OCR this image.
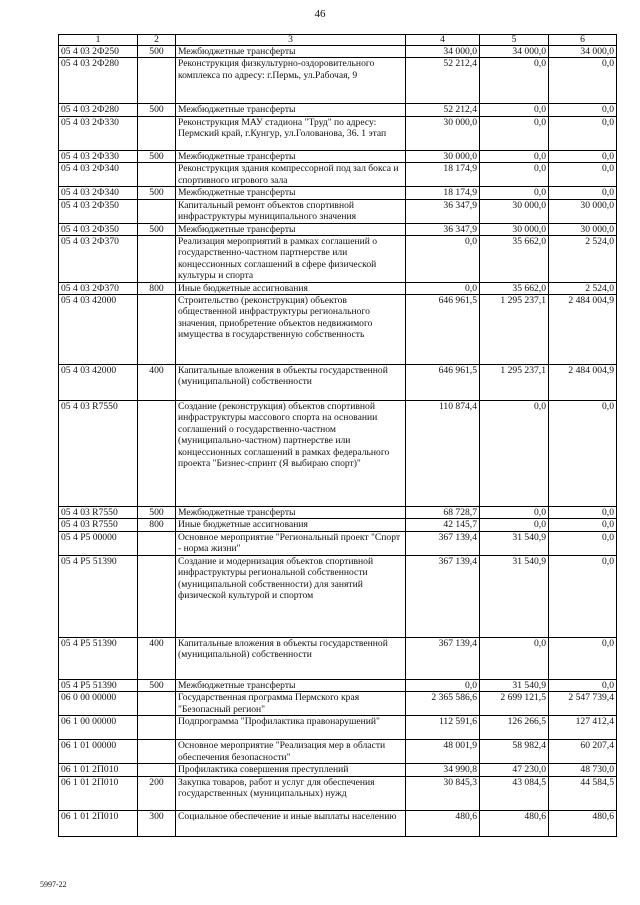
46
1	2	3	4	5	6
05 4 03 2Ф250	500	Межбюджетные трансферты	34 000,0	34 000,0	34 000,0
05 4 03 2Ф280		Реконструкция физкультурно-оздоровительного комплекса по адресу: г.Пермь, ул.Рабочая, 9	52 212,4	0,0	0,0
05 4 03 2Ф280	500	Межбюджетные трансферты	52 212,4	0,0	0,0
05 4 03 2Ф330		Реконструкция МАУ стадиона "Труд" по адресу: Пермский край, г.Кунгур, ул.Голованова, 36. 1 этап	30 000,0	0,0	0,0
05 4 03 2Ф330	500	Межбюджетные трансферты	30 000,0	0,0	0,0
05 4 03 2Ф340		Реконструкция здания компрессорной под зал бокса и спортивного игрового зала	18 174,9	0,0	0,0
05 4 03 2Ф340	500	Межбюджетные трансферты	18 174,9	0,0	0,0
05 4 03 2Ф350		Капитальный ремонт объектов спортивной инфраструктуры муниципального значения	36 347,9	30 000,0	30 000,0
05 4 03 2Ф350	500	Межбюджетные трансферты	36 347,9	30 000,0	30 000,0
05 4 03 2Ф370		Реализация мероприятий в рамках соглашений о государственно-частном партнерстве или концессионных соглашений в сфере физической культуры и спорта	0,0	35 662,0	2 524,0
05 4 03 2Ф370	800	Иные бюджетные ассигнования	0,0	35 662,0	2 524,0
05 4 03 42000		Строительство (реконструкция) объектов общественной инфраструктуры регионального значения, приобретение объектов недвижимого имущества в государственную собственность	646 961,5	1 295 237,1	2 484 004,9
05 4 03 42000	400	Капитальные вложения в объекты государственной (муниципальной) собственности	646 961,5	1 295 237,1	2 484 004,9
05 4 03 R7550		Создание (реконструкция) объектов спортивной инфраструктуры массового спорта на основании соглашений о государственно-частном (муниципально-частном) партнерстве или концессионных соглашений в рамках федерального проекта "Бизнес-спринт (Я выбираю спорт)"	110 874,4	0,0	0,0
05 4 03 R7550	500	Межбюджетные трансферты	68 728,7	0,0	0,0
05 4 03 R7550	800	Иные бюджетные ассигнования	42 145,7	0,0	0,0
05 4 P5 00000		Основное мероприятие "Региональный проект "Спорт - норма жизни"	367 139,4	31 540,9	0,0
05 4 P5 51390		Создание и модернизация объектов спортивной инфраструктуры региональной собственности (муниципальной собственности) для занятий физической культурой и спортом	367 139,4	31 540,9	0,0
05 4 P5 51390	400	Капитальные вложения в объекты государственной (муниципальной) собственности	367 139,4	0,0	0,0
05 4 P5 51390	500	Межбюджетные трансферты	0,0	31 540,9	0,0
06 0 00 00000		Государственная программа Пермского края "Безопасный регион"	2 365 586,6	2 699 121,5	2 547 739,4
06 1 00 00000		Подпрограмма "Профилактика правонарушений"	112 591,6	126 266,5	127 412,4
06 1 01 00000		Основное мероприятие "Реализация мер в области обеспечения безопасности"	48 001,9	58 982,4	60 207,4
06 1 01 2П010		Профилактика совершения преступлений	34 990,8	47 230,0	48 730,0
06 1 01 2П010	200	Закупка товаров, работ и услуг для обеспечения государственных (муниципальных) нужд	30 845,3	43 084,5	44 584,5
06 1 01 2П010	300	Социальное обеспечение и иные выплаты населению	480,6	480,6	480,6
5997-22
